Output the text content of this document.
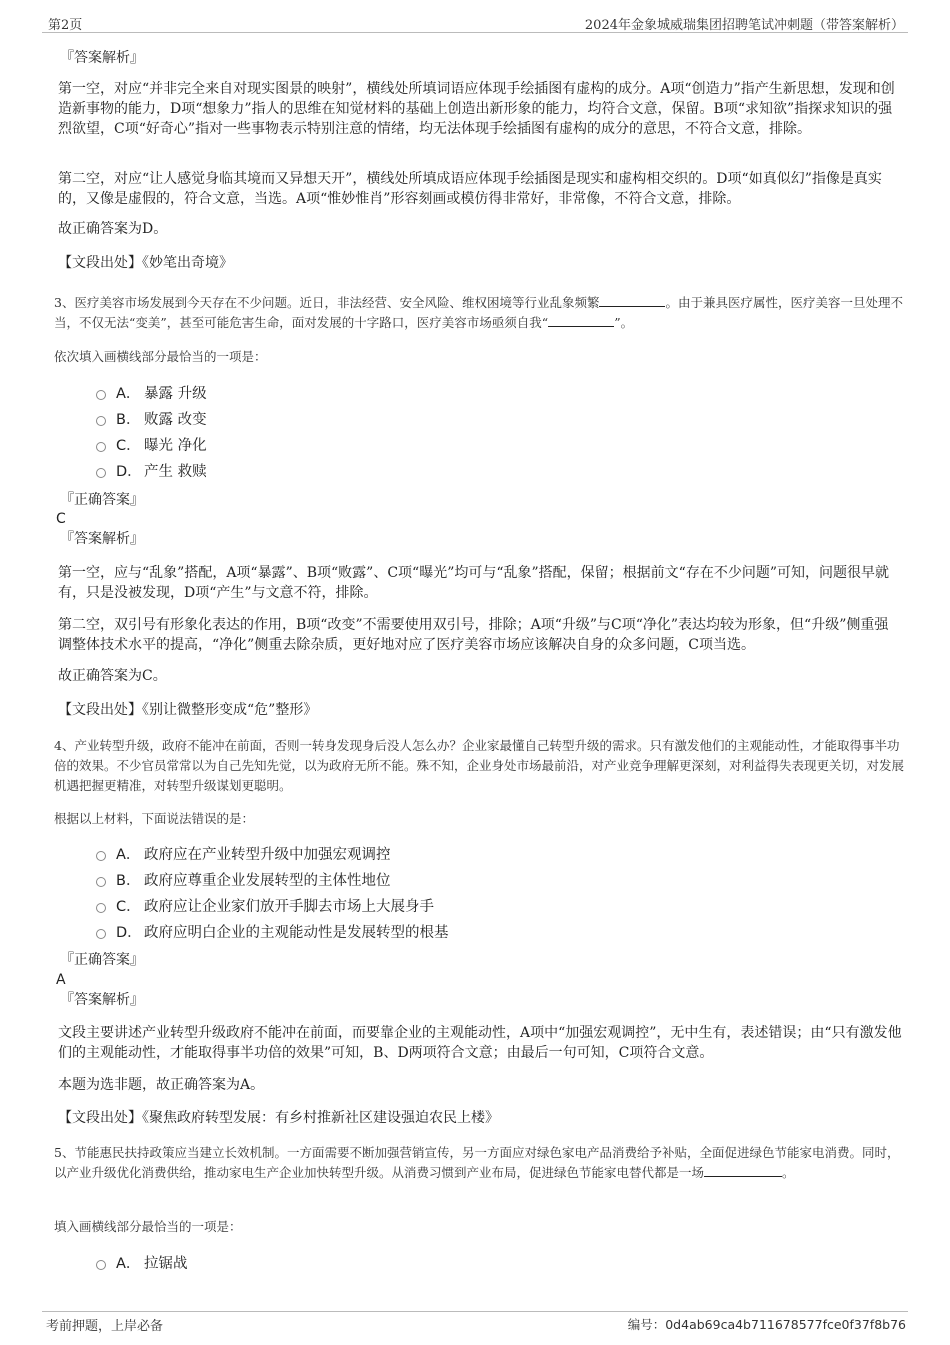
第2页	2024年金象城威瑞集团招聘笔试冲刺题（带答案解析）

『答案解析』

第一空，对应“并非完全来自对现实图景的映射”，横线处所填词语应体现手绘插图有虚构的成分。A项“创造力”指产生新思想，发现和创造新事物的能力，D项“想象力”指人的思维在知觉材料的基础上创造出新形象的能力，均符合文意，保留。B项“求知欲”指探求知识的强烈欲望，C项“好奇心”指对一些事物表示特别注意的情绪，均无法体现手绘插图有虚构的成分的意思，不符合文意，排除。

第二空，对应“让人感觉身临其境而又异想天开”，横线处所填成语应体现手绘插图是现实和虚构相交织的。D项“如真似幻”指像是真实的，又像是虚假的，符合文意，当选。A项“惟妙惟肖”形容刻画或模仿得非常好，非常像，不符合文意，排除。

故正确答案为D。

【文段出处】《妙笔出奇境》

3、医疗美容市场发展到今天存在不少问题。近日，非法经营、安全风险、维权困境等行业乱象频繁	。由于兼具医疗属性，医疗美容一旦处理不当，不仅无法“变美”，甚至可能危害生命，面对发展的十字路口，医疗美容市场亟须自我“	”。

依次填入画横线部分最恰当的一项是：

A． 暴露 升级
B． 败露 改变
C． 曝光 净化
D． 产生 救赎

『正确答案』

C

『答案解析』

第一空，应与“乱象”搭配，A项“暴露”、B项“败露”、C项“曝光”均可与“乱象”搭配，保留；根据前文“存在不少问题”可知，问题很早就有，只是没被发现，D项“产生”与文意不符，排除。

第二空，双引号有形象化表达的作用，B项“改变”不需要使用双引号，排除；A项“升级”与C项“净化”表达均较为形象，但“升级”侧重强调整体技术水平的提高，“净化”侧重去除杂质，更好地对应了医疗美容市场应该解决自身的众多问题，C项当选。

故正确答案为C。

【文段出处】《别让微整形变成“危”整形》

4、产业转型升级，政府不能冲在前面，否则一转身发现身后没人怎么办？企业家最懂自己转型升级的需求。只有激发他们的主观能动性，才能取得事半功倍的效果。不少官员常常以为自己先知先觉，以为政府无所不能。殊不知，企业身处市场最前沿，对产业竞争理解更深刻，对利益得失表现更关切，对发展机遇把握更精准，对转型升级谋划更聪明。

根据以上材料，下面说法错误的是：

A． 政府应在产业转型升级中加强宏观调控
B． 政府应尊重企业发展转型的主体性地位
C． 政府应让企业家们放开手脚去市场上大展身手
D． 政府应明白企业的主观能动性是发展转型的根基

『正确答案』

A

『答案解析』

文段主要讲述产业转型升级政府不能冲在前面，而要靠企业的主观能动性，A项中“加强宏观调控”，无中生有，表述错误；由“只有激发他们的主观能动性，才能取得事半功倍的效果”可知，B、D两项符合文意；由最后一句可知，C项符合文意。

本题为选非题，故正确答案为A。

【文段出处】《聚焦政府转型发展：有乡村推新社区建设强迫农民上楼》

5、节能惠民扶持政策应当建立长效机制。一方面需要不断加强营销宣传，另一方面应对绿色家电产品消费给予补贴，全面促进绿色节能家电消费。同时，以产业升级优化消费供给，推动家电生产企业加快转型升级。从消费习惯到产业布局，促进绿色节能家电替代都是一场	。

填入画横线部分最恰当的一项是：

A． 拉锯战
考前押题，上岸必备	编号：0d4ab69ca4b711678577fce0f37f8b76
